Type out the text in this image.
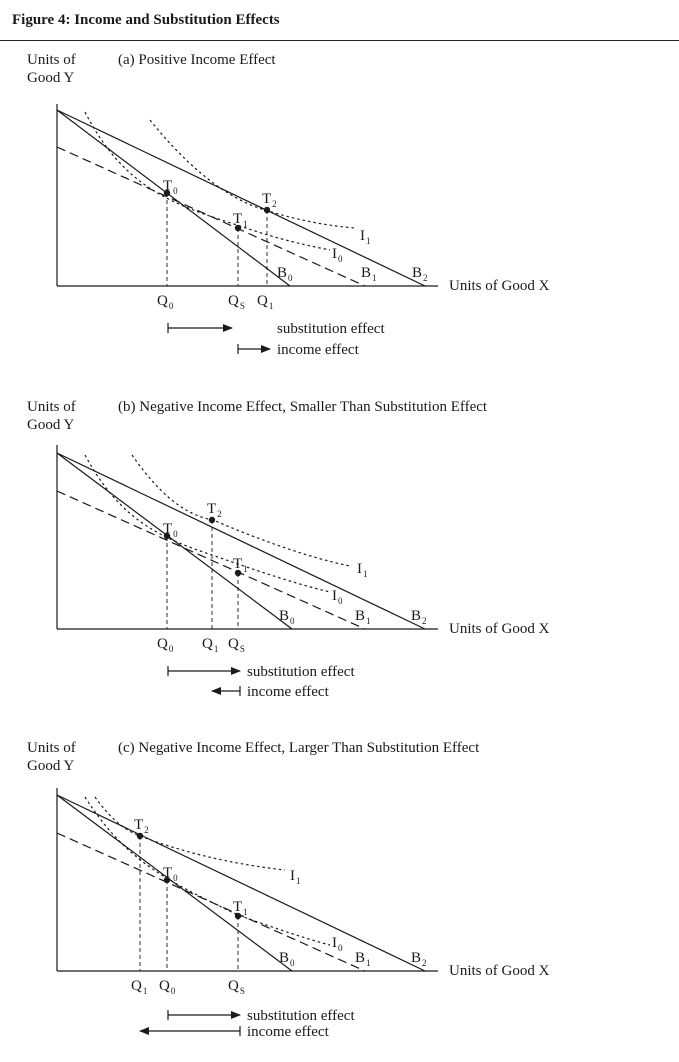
Figure 4: Income and Substitution Effects
Units of
Good Y
(a) Positive Income Effect
Units of Good X
$T_0$
$T_1$
$T_2$
$I_0$
$I_1$
$B_0$	$B_1$ $B_2$
$Q_0$	$Q_S$ $Q_1$
substitution effect
income effect
Units of
Good Y
(b) Negative Income Effect, Smaller Than Substitution Effect
Units of Good X
$T_0$
$T_1$
$T_2$
$I_0$
$I_1$
$B_0$	$B_1$	$B_2$
$Q_0$ $Q_1$ $Q_S$
substitution effect
income effect
Units of
Good Y
(c) Negative Income Effect, Larger Than Substitution Effect
Units of Good X
$T_0$
$T_1$
$T_2$
$I_0$
$I_1$
$B_0$	$B_1$	$B_2$
$Q_1$ $Q_0$	$Q_S$
substitution effect
income effect
